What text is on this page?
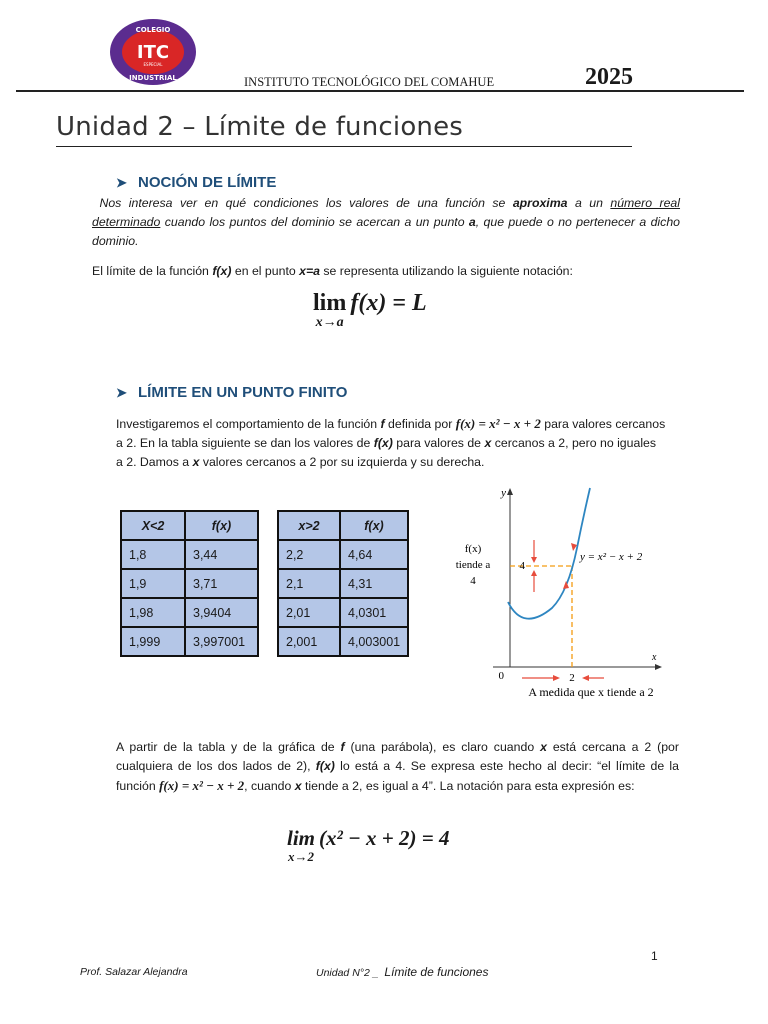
COLEGIO
ITC
ESPECIAL
INDUSTRIAL	INSTITUTO TECNOLÓGICO DEL COMAHUE	2025
Unidad 2 – Límite de funciones
➤ NOCIÓN DE LÍMITE
Nos interesa ver en qué condiciones los valores de una función se aproxima a un número real determinado cuando los puntos del dominio se acercan a un punto a, que puede o no pertenecer a dicho dominio.
El límite de la función f(x) en el punto x=a se representa utilizando la siguiente notación:
lim
x→a
f(x) = L
➤ LÍMITE EN UN PUNTO FINITO
Investigaremos el comportamiento de la función f definida por f(x) = x² − x + 2 para valores cercanos a 2. En la tabla siguiente se dan los valores de f(x) para valores de x cercanos a 2, pero no iguales a 2. Damos a x valores cercanos a 2 por su izquierda y su derecha.
X<2	f(x)
1,8	3,44
1,9	3,71
1,98	3,9404
1,999	3,997001
x>2	f(x)
2,2	4,64
2,1	4,31
2,01	4,0301
2,001	4,003001
y
x
0
4
2
y = x² − x + 2
f(x)
tiende a
4
A medida que x tiende a 2
A partir de la tabla y de la gráfica de f (una parábola), es claro cuando x está cercana a 2 (por cualquiera de los dos lados de 2), f(x) lo está a 4. Se expresa este hecho al decir: “el límite de la función f(x) = x² − x + 2, cuando x tiende a 2, es igual a 4”. La notación para esta expresión es:
lim
x→2
(x² − x + 2) = 4
1
Prof. Salazar Alejandra	Unidad N°2 _ Límite de funciones
